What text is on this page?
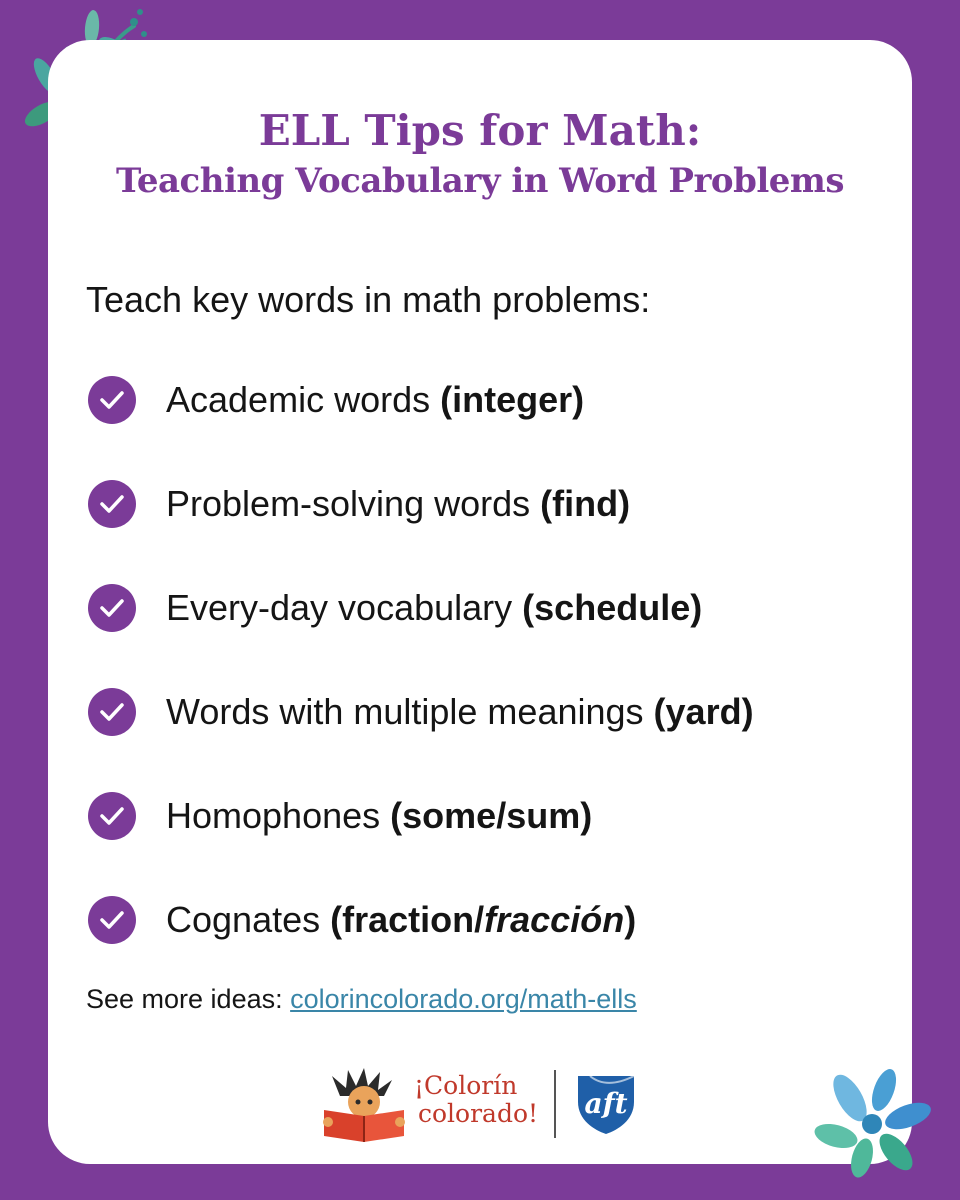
ELL Tips for Math:
Teaching Vocabulary in Word Problems

Teach key words in math problems:

Academic words (integer)
Problem-solving words (find)
Every-day vocabulary (schedule)
Words with multiple meanings (yard)
Homophones (some/sum)
Cognates (fraction/fracción)
See more ideas: colorincolorado.org/math-ells
¡Colorín
colorado!	aft
